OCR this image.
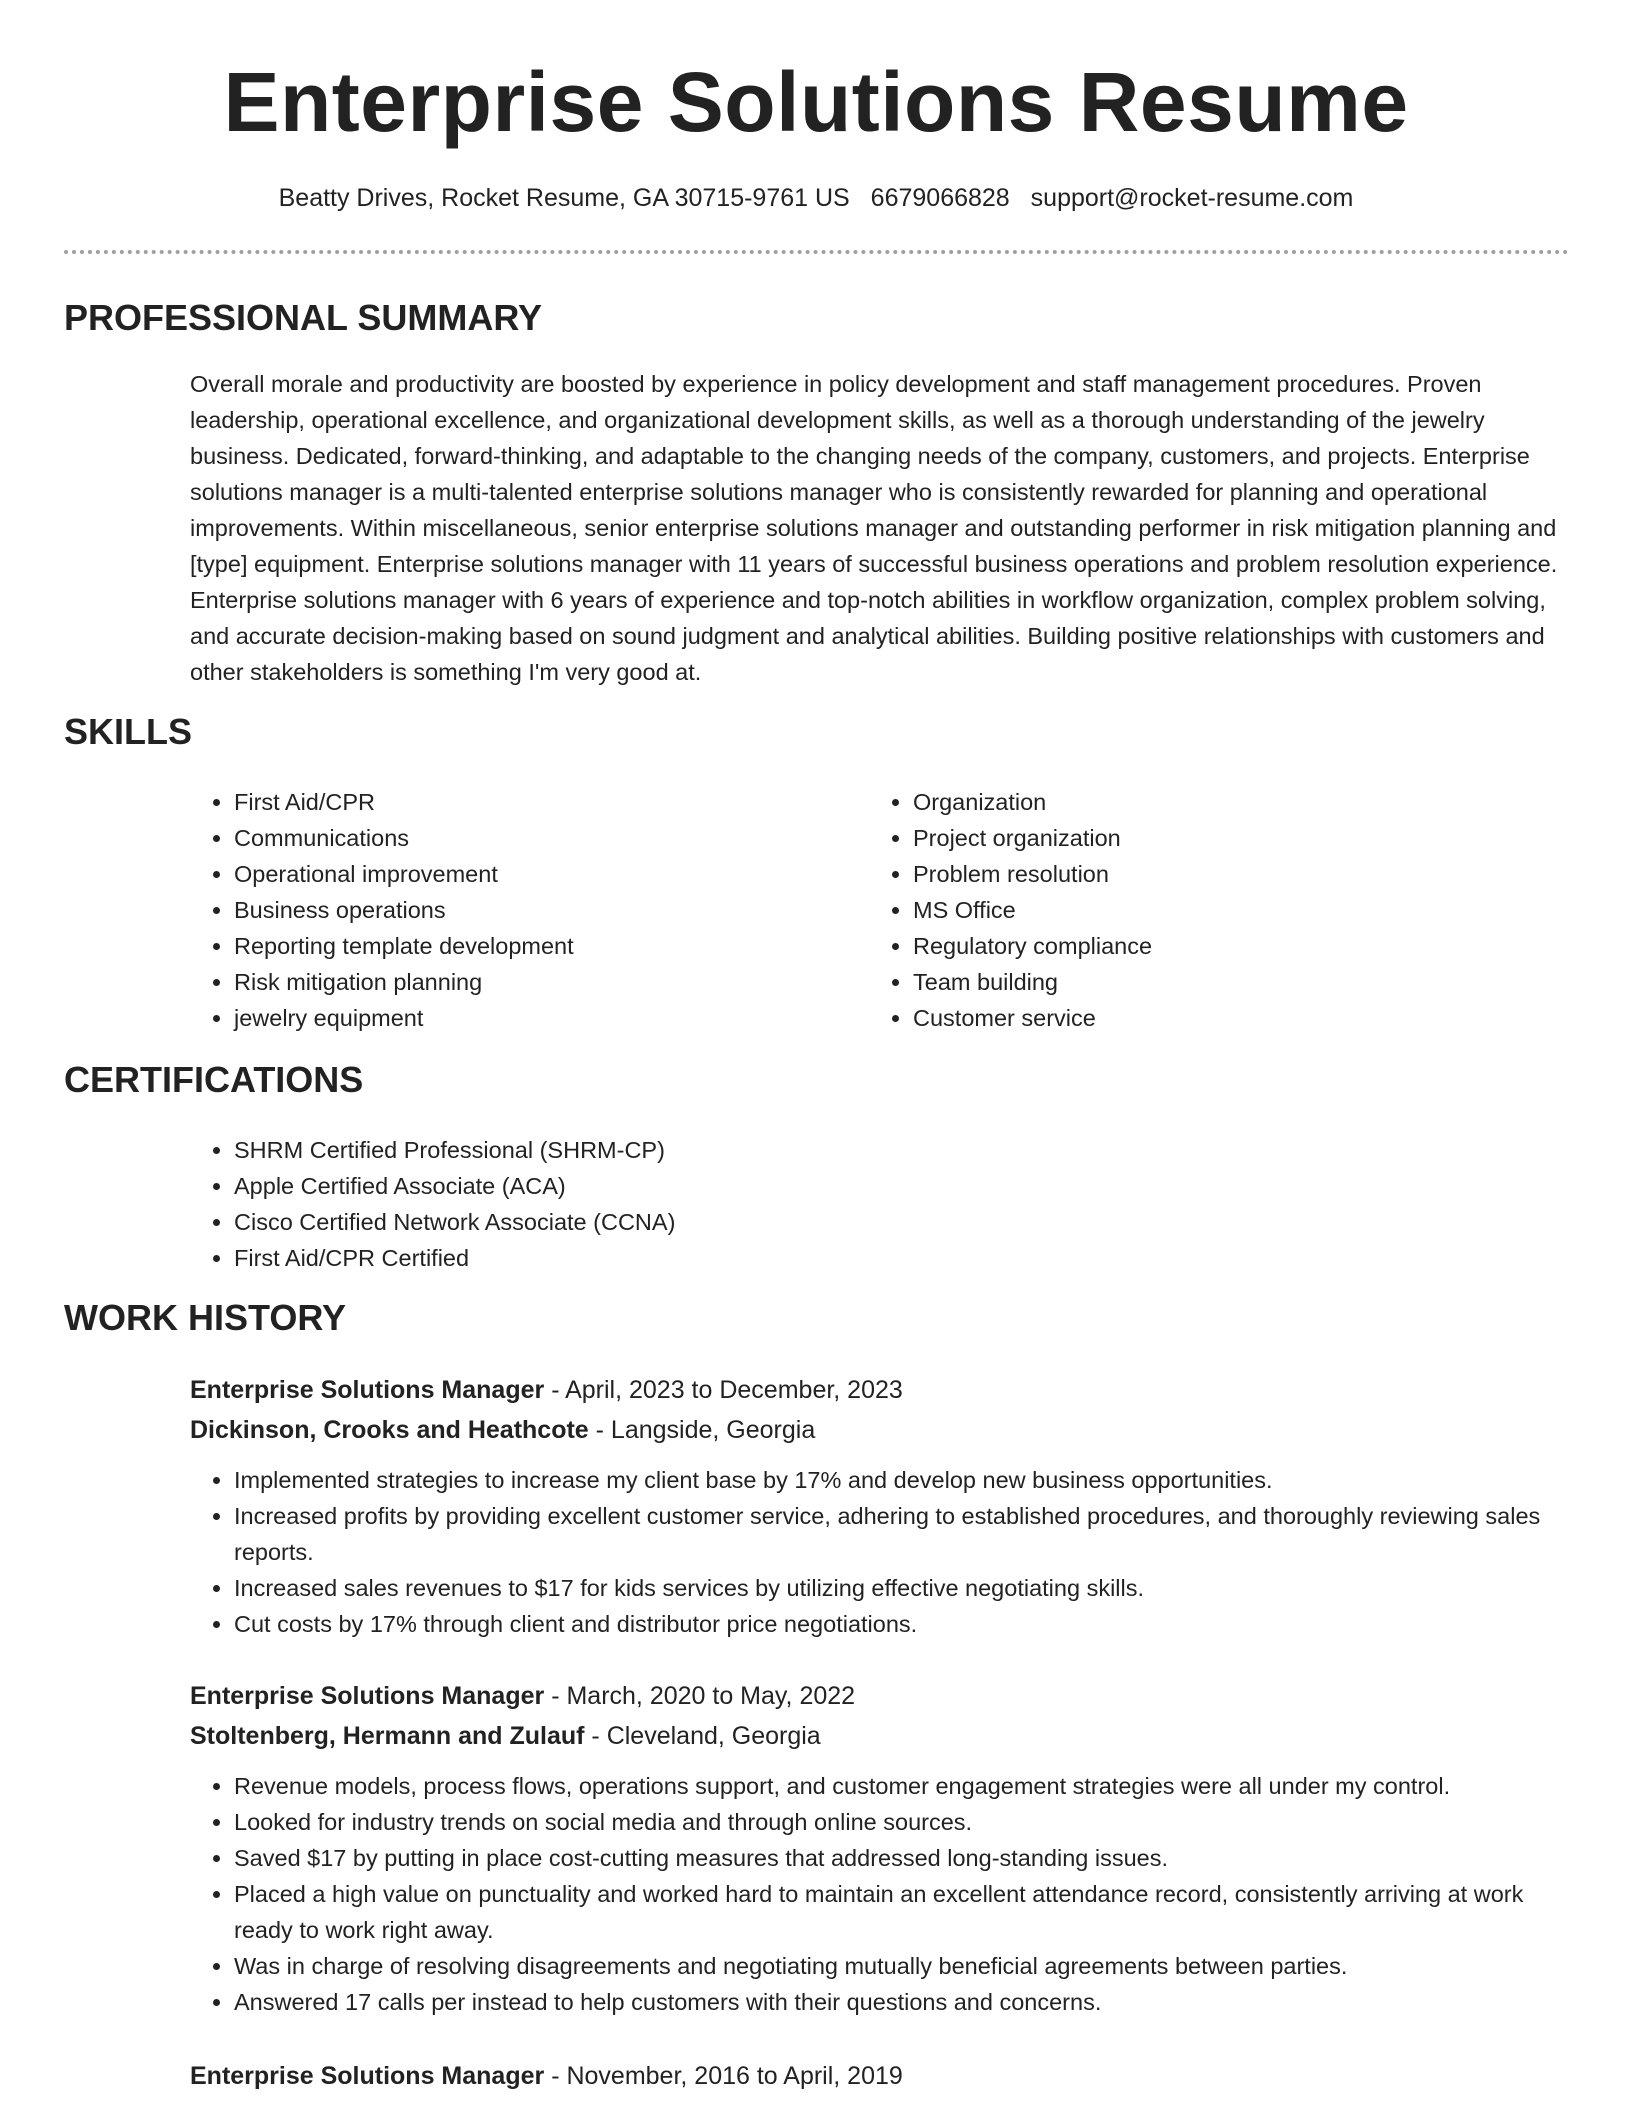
Enterprise Solutions Resume
Beatty Drives, Rocket Resume, GA 30715-9761 US 6679066828 support@rocket-resume.com
PROFESSIONAL SUMMARY

Overall morale and productivity are boosted by experience in policy development and staff management procedures. Proven leadership, operational excellence, and organizational development skills, as well as a thorough understanding of the jewelry business. Dedicated, forward-thinking, and adaptable to the changing needs of the company, customers, and projects. Enterprise solutions manager is a multi-talented enterprise solutions manager who is consistently rewarded for planning and operational improvements. Within miscellaneous, senior enterprise solutions manager and outstanding performer in risk mitigation planning and [type] equipment. Enterprise solutions manager with 11 years of successful business operations and problem resolution experience. Enterprise solutions manager with 6 years of experience and top-notch abilities in workflow organization, complex problem solving, and accurate decision-making based on sound judgment and analytical abilities. Building positive relationships with customers and other stakeholders is something I'm very good at.

SKILLS
• First Aid/CPR
• Communications
• Operational improvement
• Business operations
• Reporting template development
• Risk mitigation planning
• jewelry equipment
• Organization
• Project organization
• Problem resolution
• MS Office
• Regulatory compliance
• Team building
• Customer service
CERTIFICATIONS
• SHRM Certified Professional (SHRM-CP)
• Apple Certified Associate (ACA)
• Cisco Certified Network Associate (CCNA)
• First Aid/CPR Certified
WORK HISTORY
Enterprise Solutions Manager - April, 2023 to December, 2023
Dickinson, Crooks and Heathcote - Langside, Georgia
• Implemented strategies to increase my client base by 17% and develop new business opportunities.
• Increased profits by providing excellent customer service, adhering to established procedures, and thoroughly reviewing sales reports.
• Increased sales revenues to $17 for kids services by utilizing effective negotiating skills.
• Cut costs by 17% through client and distributor price negotiations.
Enterprise Solutions Manager - March, 2020 to May, 2022
Stoltenberg, Hermann and Zulauf - Cleveland, Georgia
• Revenue models, process flows, operations support, and customer engagement strategies were all under my control.
• Looked for industry trends on social media and through online sources.
• Saved $17 by putting in place cost-cutting measures that addressed long-standing issues.
• Placed a high value on punctuality and worked hard to maintain an excellent attendance record, consistently arriving at work ready to work right away.
• Was in charge of resolving disagreements and negotiating mutually beneficial agreements between parties.
• Answered 17 calls per instead to help customers with their questions and concerns.
Enterprise Solutions Manager - November, 2016 to April, 2019
